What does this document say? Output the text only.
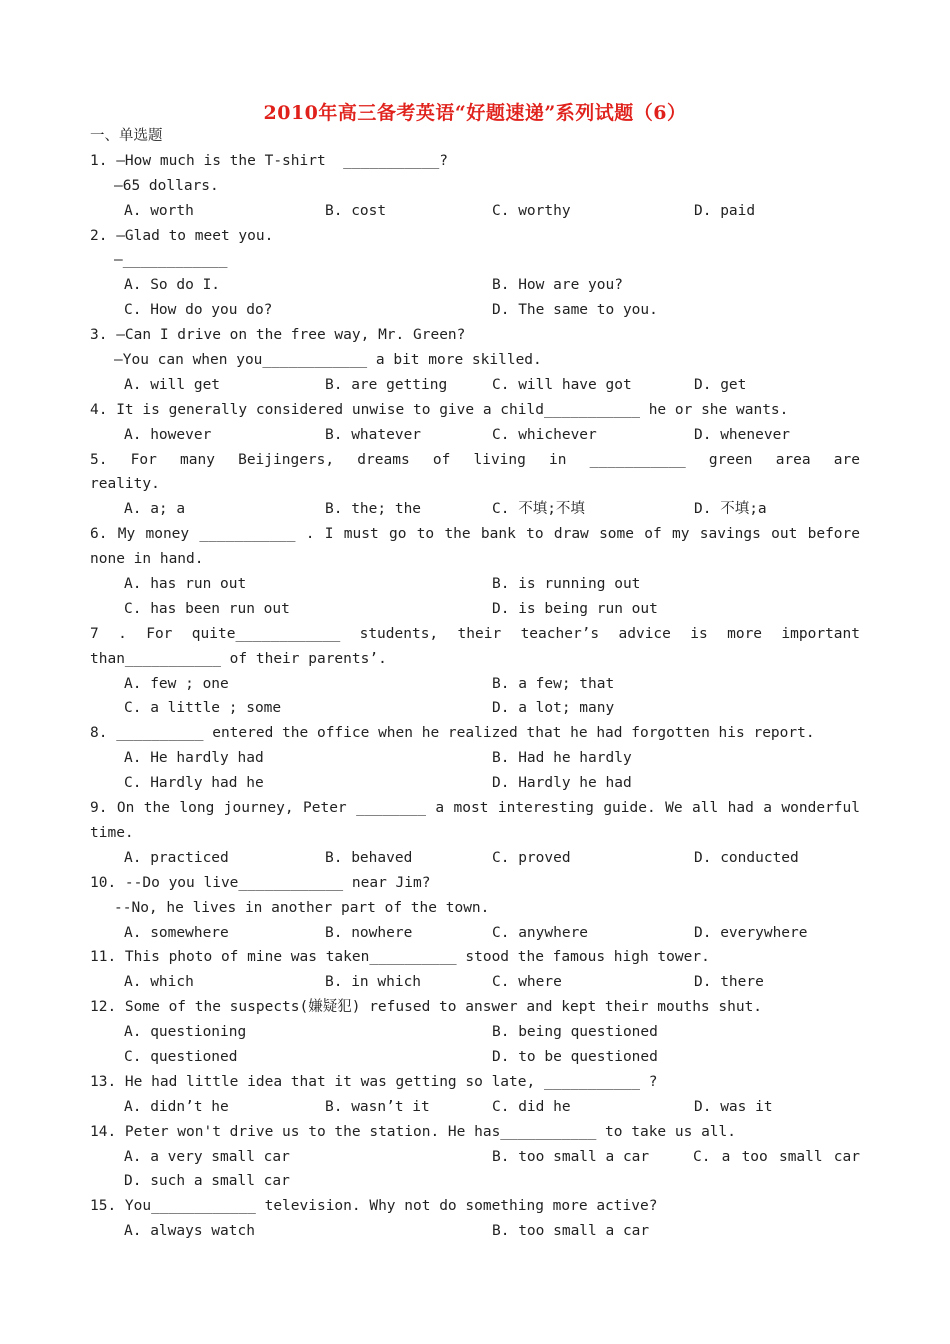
2010年高三备考英语“好题速递”系列试题（6）
一、单选题
1. —How much is the T-shirt  ___________?
—65 dollars.

A. worth

	B. cost

	C. worthy

	D. paid

2. —Glad to meet you.
—____________

A. So do I.

	B. How are you?

C. How do you do?

	D. The same to you.

3. —Can I drive on the free way, Mr. Green?
—You can when you____________ a bit more skilled.

A. will get

	B. are getting

	C. will have got

	D. get

4. It is generally considered unwise to give a child___________ he or she wants.

A. however

	B. whatever

	C. whichever

	D. whenever

5. For many Beijingers, dreams of living in ___________ green area are
reality.

A. a; a

	B. the; the

	C. 不填;不填

	D. 不填;a

6. My money ___________ . I must go to the bank to draw some of my savings out before
none in hand.

A. has run out

	B. is running out

C. has been run out

	D. is being run out

7 . For quite____________ students, their teacher’s advice is more important
than___________ of their parents’.

A. few ; one

	B. a few; that

C. a little ; some

	D. a lot; many

8. __________ entered the office when he realized that he had forgotten his report.

A. He hardly had

	B. Had he hardly

C. Hardly had he

	D. Hardly he had

9. On the long journey, Peter ________ a most interesting guide. We all had a wonderful
time.

A. practiced

	B. behaved

	C. proved

	D. conducted

10. --Do you live____________ near Jim?
--No, he lives in another part of the town.

A. somewhere

	B. nowhere

	C. anywhere

	D. everywhere

11. This photo of mine was taken__________ stood the famous high tower.

A. which

	B. in which

	C. where

	D. there

12. Some of the suspects(嫌疑犯) refused to answer and kept their mouths shut.

A. questioning

	B. being questioned

C. questioned

	D. to be questioned

13. He had little idea that it was getting so late, ___________ ?

A. didn’t he

	B. wasn’t it

	C. did he

	D. was it

14. Peter won't drive us to the station. He has___________ to take us all.

A. a very small car

	B. too small a car

	C. a too small car

D. such a small car

15. You____________ television. Why not do something more active?

A. always watch

	B. too small a car
